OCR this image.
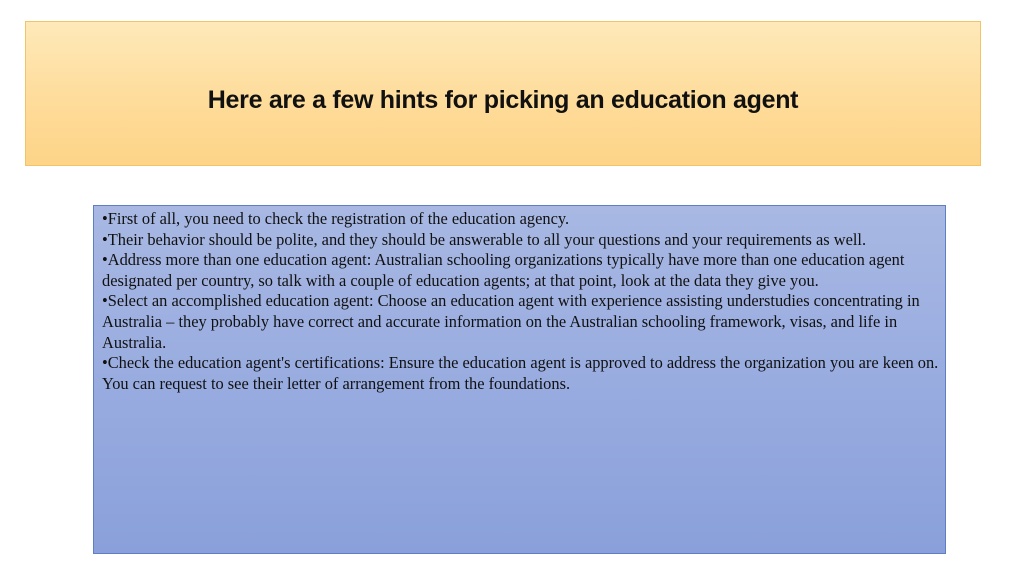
Here are a few hints for picking an education agent

•First of all, you need to check the registration of the education agency.

•Their behavior should be polite, and they should be answerable to all your questions and your requirements as well.

•Address more than one education agent: Australian schooling organizations typically have more than one education agent designated per country, so talk with a couple of education agents; at that point, look at the data they give you.

•Select an accomplished education agent: Choose an education agent with experience assisting understudies concentrating in Australia – they probably have correct and accurate information on the Australian schooling framework, visas, and life in Australia.

•Check the education agent's certifications: Ensure the education agent is approved to address the organization you are keen on. You can request to see their letter of arrangement from the foundations.
